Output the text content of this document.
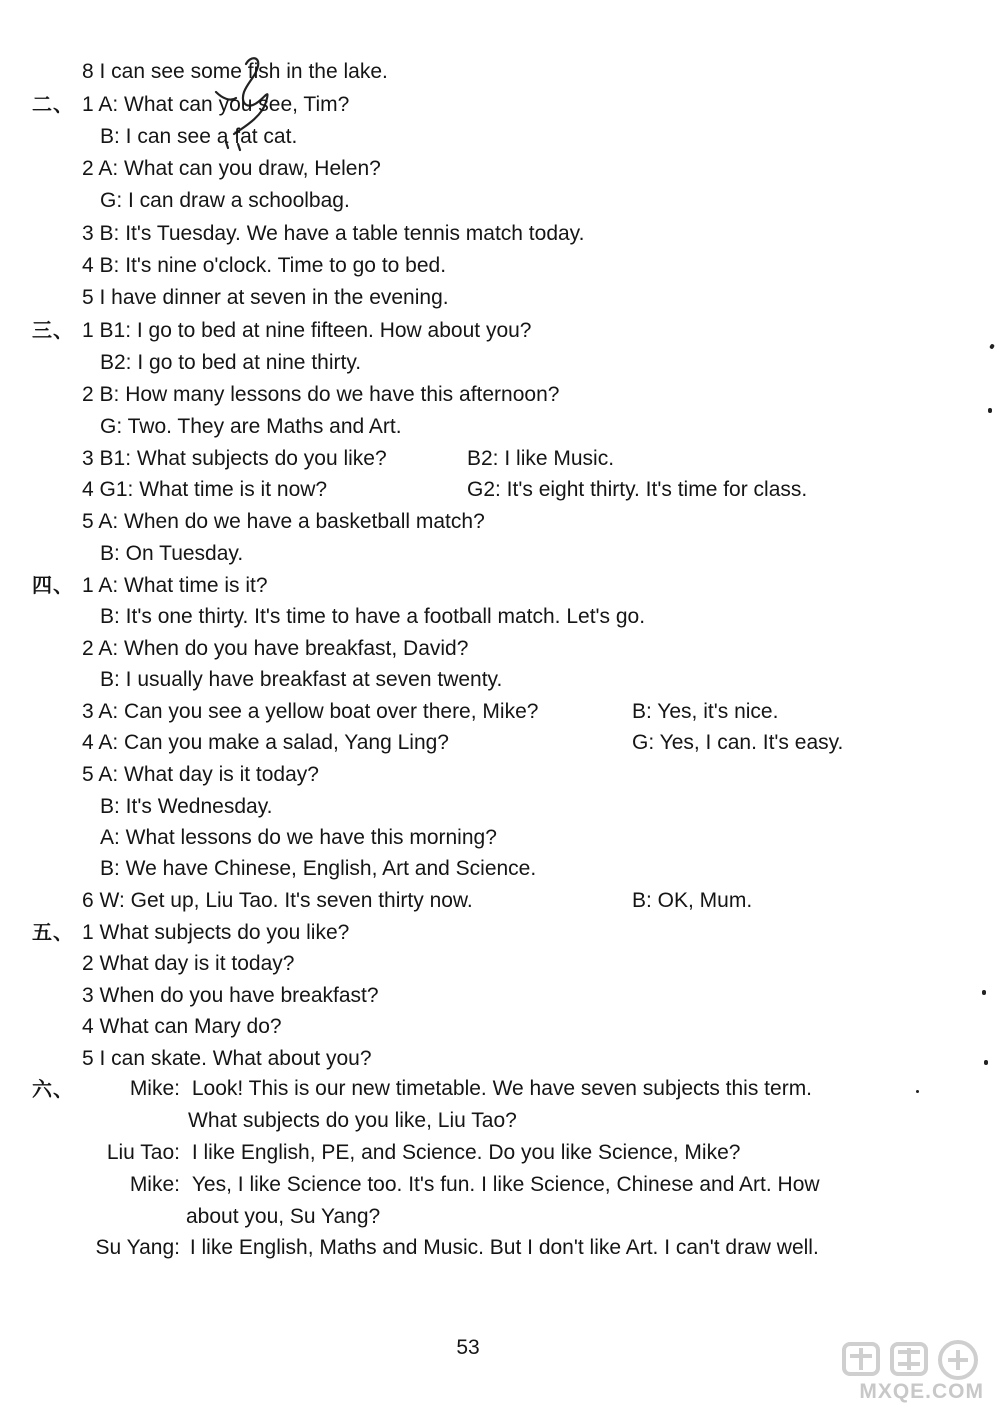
8 I can see some fish in the lake.
二、 1 A: What can you see, Tim?
B: I can see a fat cat.
2 A: What can you draw, Helen?
G: I can draw a schoolbag.
3 B: It's Tuesday. We have a table tennis match today.
4 B: It's nine o'clock. Time to go to bed.
5 I have dinner at seven in the evening.
三、 1 B1: I go to bed at nine fifteen. How about you?
B2: I go to bed at nine thirty.
2 B: How many lessons do we have this afternoon?
G: Two. They are Maths and Art.
3 B1: What subjects do you like?	B2: I like Music.
4 G1: What time is it now?	G2: It's eight thirty. It's time for class.
5 A: When do we have a basketball match?
B: On Tuesday.
四、 1 A: What time is it?
B: It's one thirty. It's time to have a football match. Let's go.
2 A: When do you have breakfast, David?
B: I usually have breakfast at seven twenty.
3 A: Can you see a yellow boat over there, Mike?	B: Yes, it's nice.
4 A: Can you make a salad, Yang Ling?	G: Yes, I can. It's easy.
5 A: What day is it today?
B: It's Wednesday.
A: What lessons do we have this morning?
B: We have Chinese, English, Art and Science.
6 W: Get up, Liu Tao. It's seven thirty now.	B: OK, Mum.
五、 1 What subjects do you like?
2 What day is it today?
3 When do you have breakfast?
4 What can Mary do?
5 I can skate. What about you?
六、	Mike: Look! This is our new timetable. We have seven subjects this term.
What subjects do you like, Liu Tao?
Liu Tao: I like English, PE, and Science. Do you like Science, Mike?
Mike: Yes, I like Science too. It's fun. I like Science, Chinese and Art. How
about you, Su Yang?
Su Yang: I like English, Maths and Music. But I don't like Art. I can't draw well.
53
MXQE.COM
